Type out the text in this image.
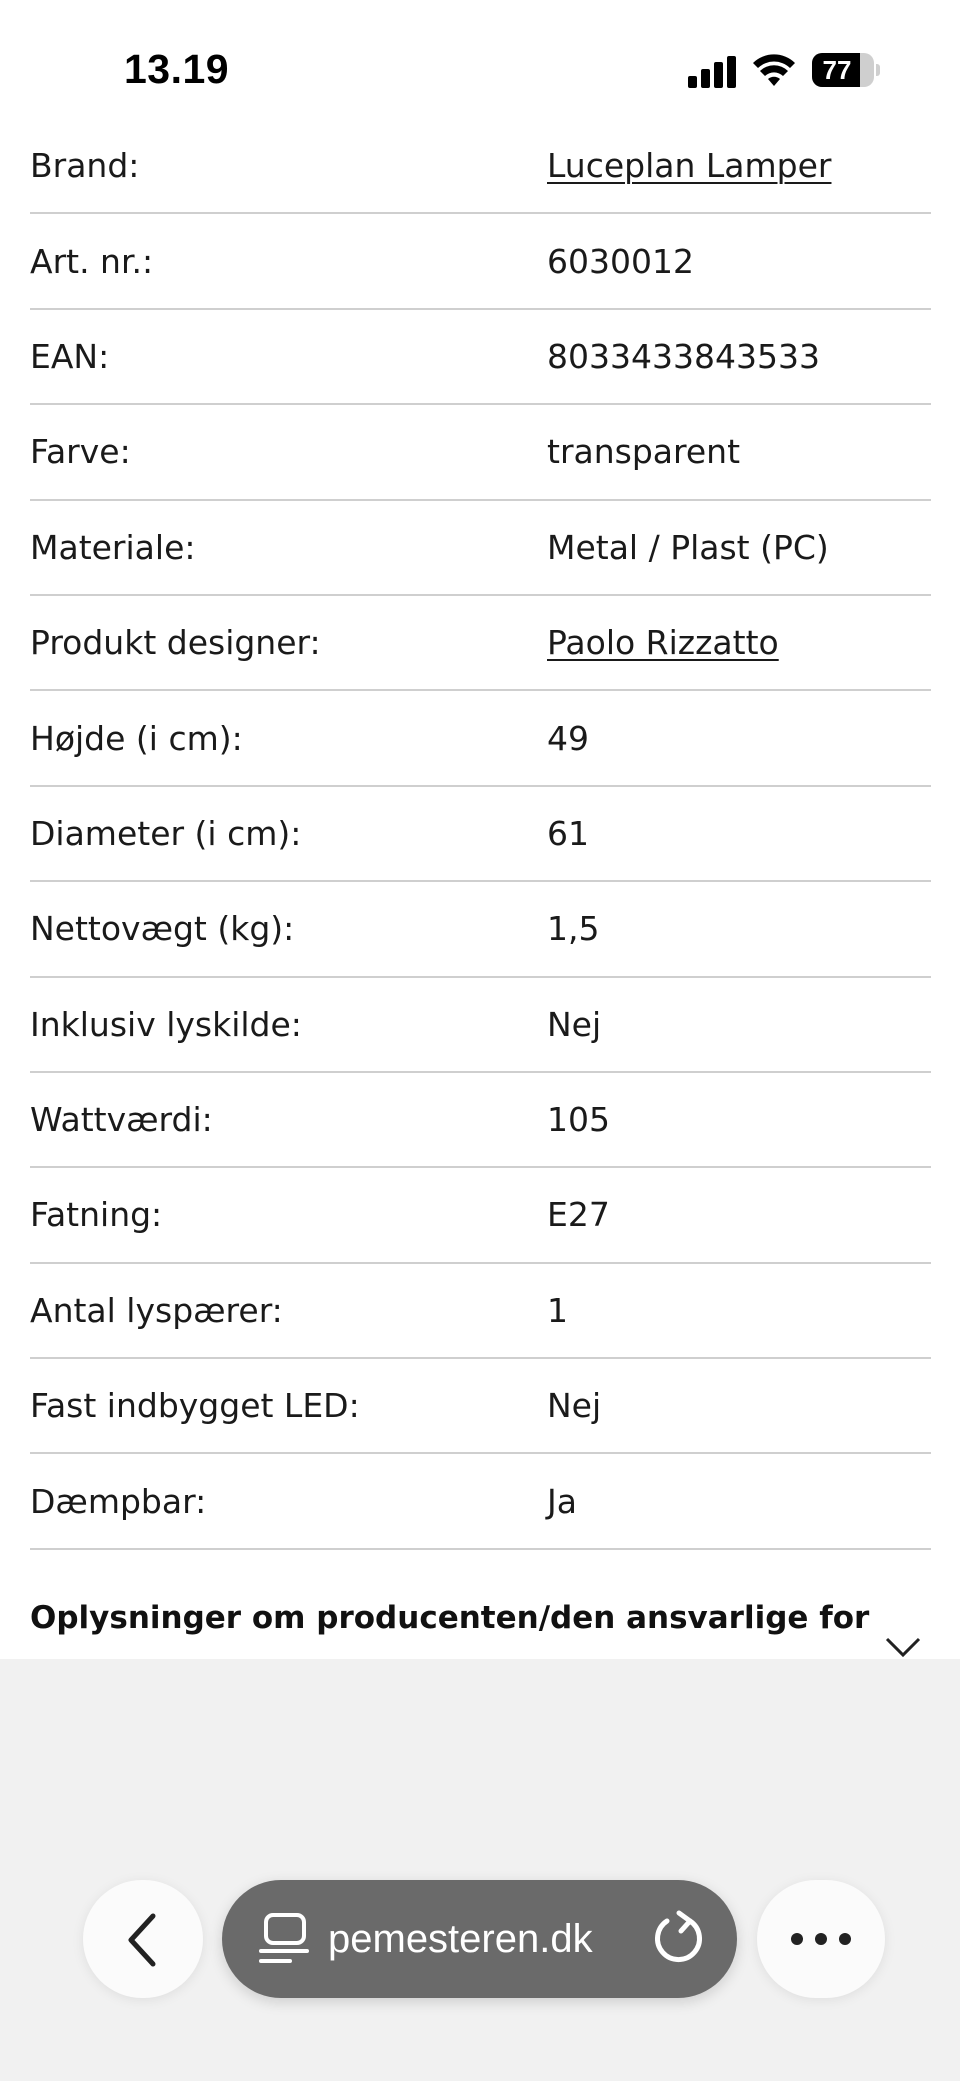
13.19	77
Brand:	Luceplan Lamper
Art. nr.:	6030012
EAN:	8033433843533
Farve:	transparent
Materiale:	Metal / Plast (PC)
Produkt designer:	Paolo Rizzatto
Højde (i cm):	49
Diameter (i cm):	61
Nettovægt (kg):	1,5
Inklusiv lyskilde:	Nej
Wattværdi:	105
Fatning:	E27
Antal lyspærer:	1
Fast indbygget LED:	Nej
Dæmpbar:	Ja
Oplysninger om producenten/den ansvarlige for
pemesteren.dk
